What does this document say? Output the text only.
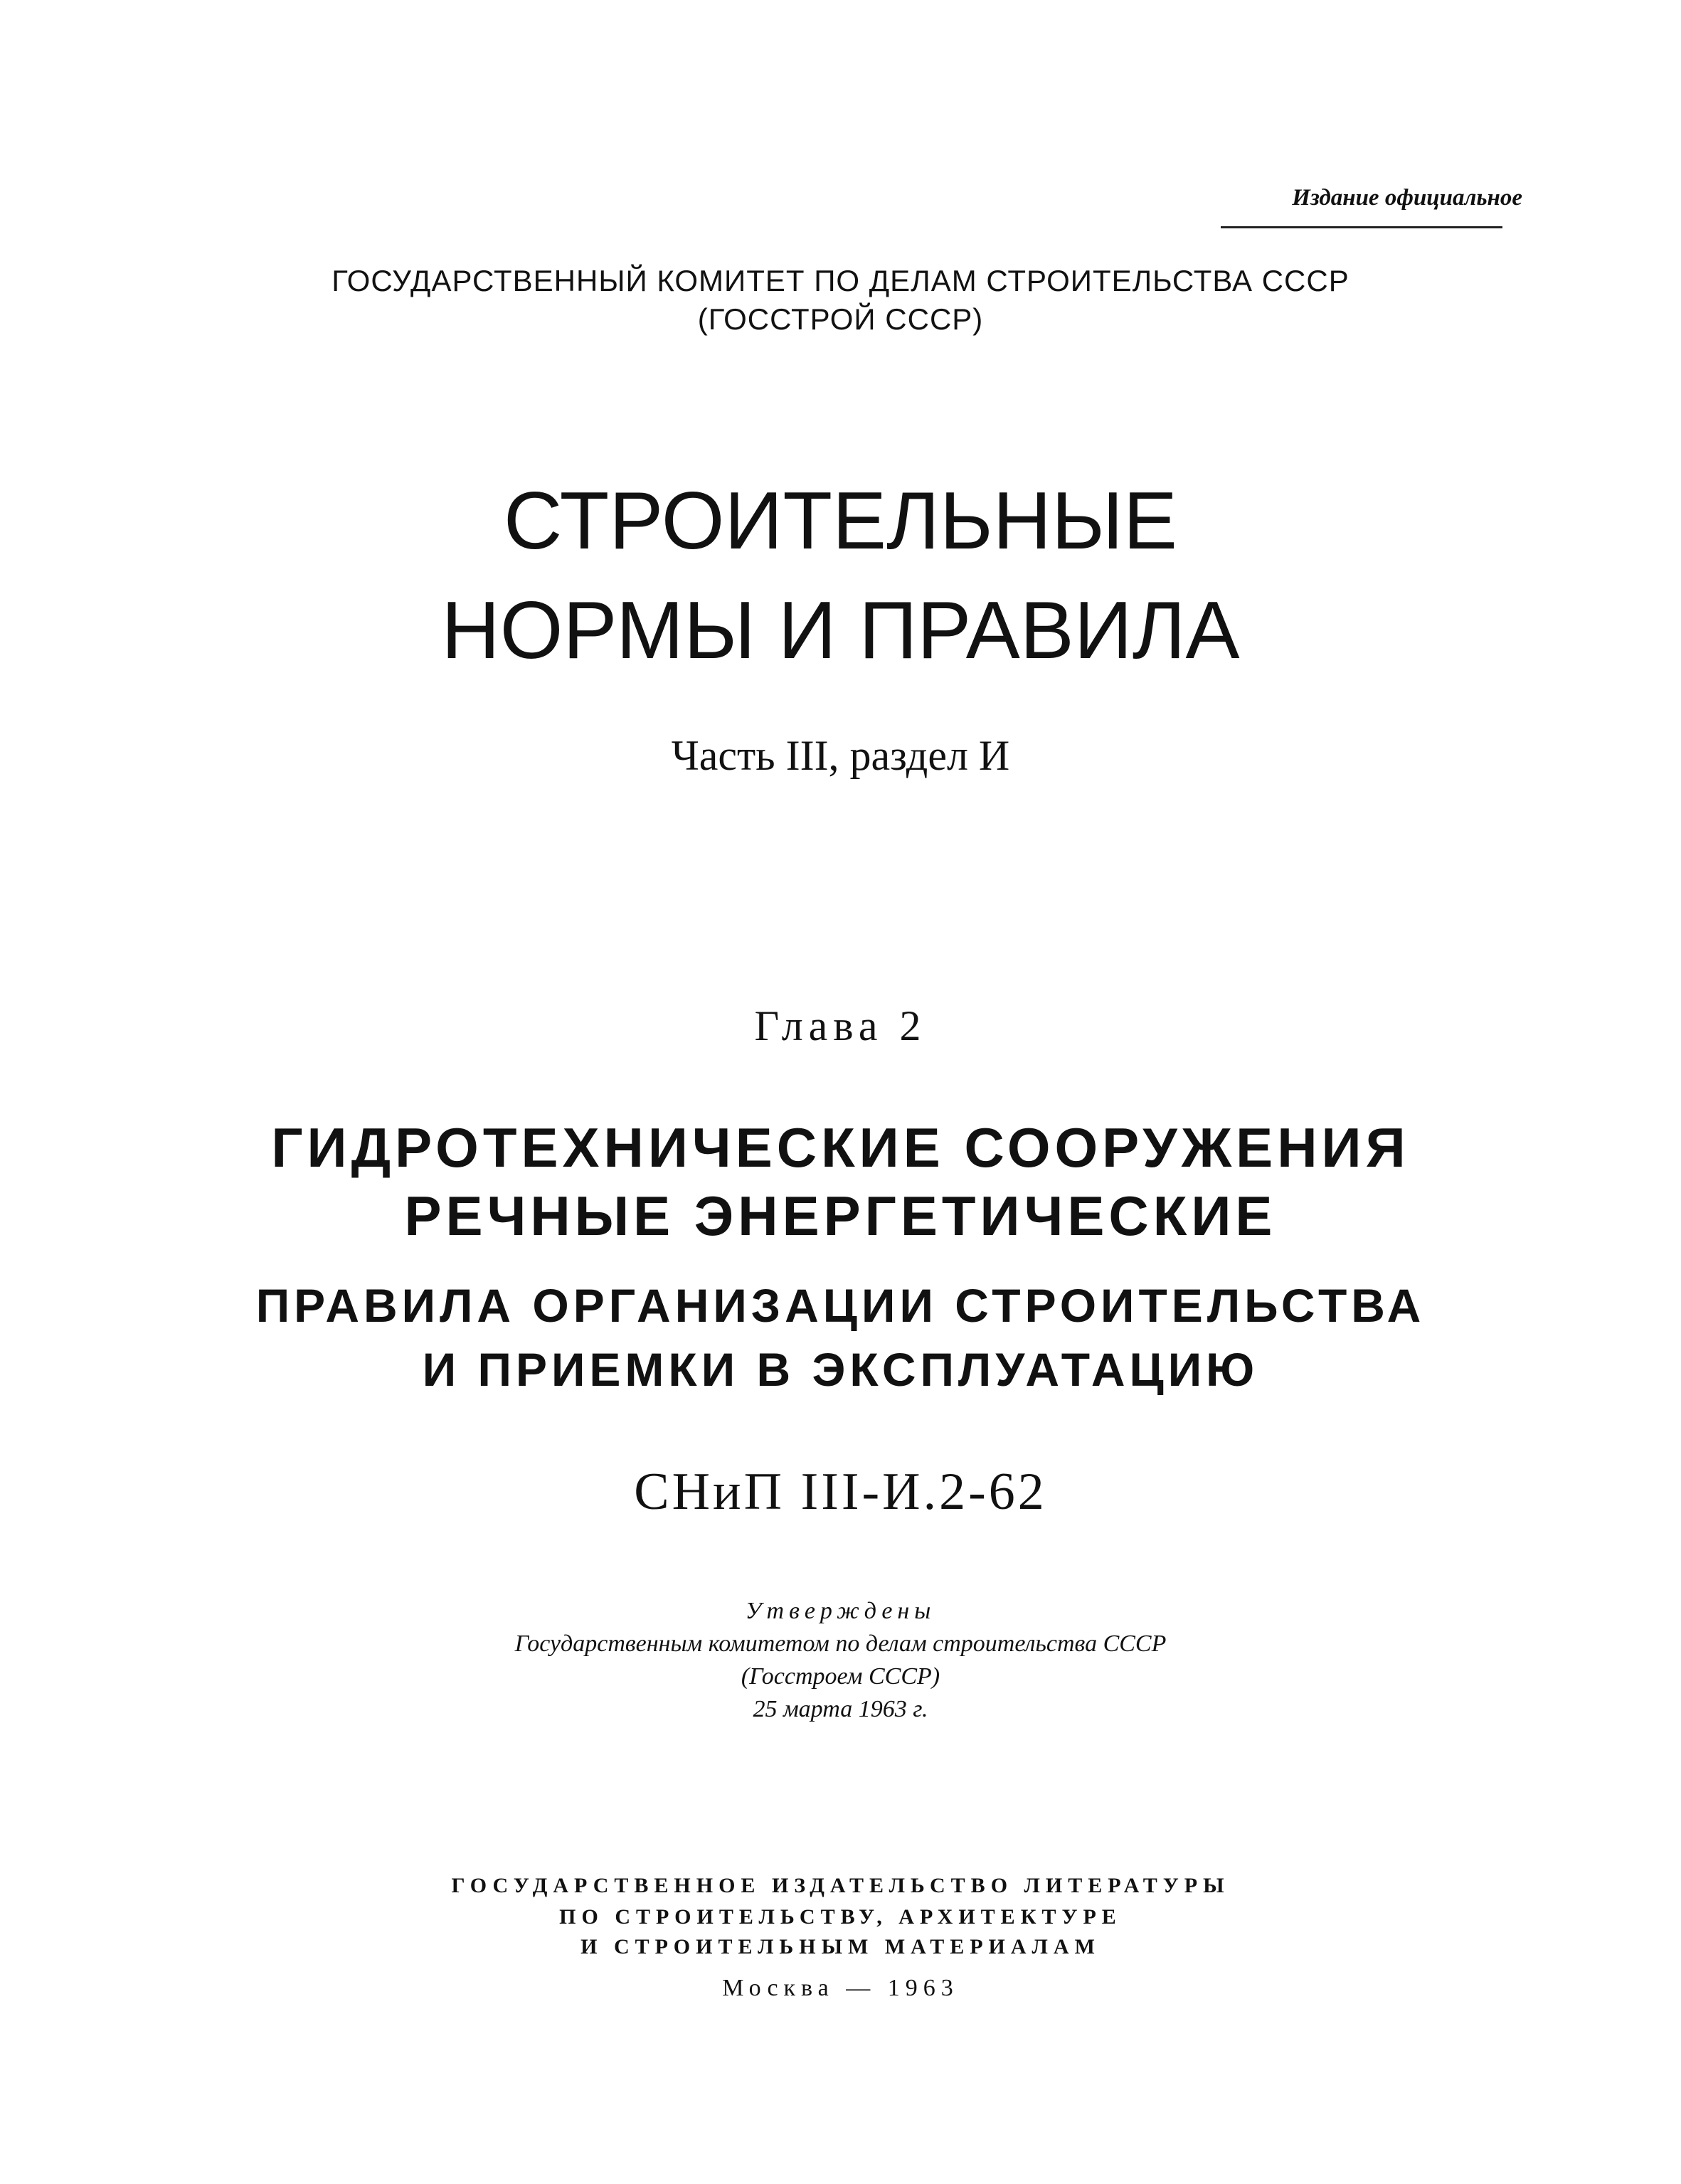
Издание официальное

ГОСУДАРСТВЕННЫЙ КОМИТЕТ ПО ДЕЛАМ СТРОИТЕЛЬСТВА СССР

(ГОССТРОЙ СССР)

СТРОИТЕЛЬНЫЕ
НОРМЫ И ПРАВИЛА

Часть III, раздел И

Глава 2

ГИДРОТЕХНИЧЕСКИЕ СООРУЖЕНИЯ
РЕЧНЫЕ ЭНЕРГЕТИЧЕСКИЕ
ПРАВИЛА ОРГАНИЗАЦИИ СТРОИТЕЛЬСТВА
И ПРИЕМКИ В ЭКСПЛУАТАЦИЮ

СНиП III-И.2-62

Утверждены

Государственным комитетом по делам строительства СССР

(Госстроем СССР)

25 марта 1963 г.

ГОСУДАРСТВЕННОЕ ИЗДАТЕЛЬСТВО ЛИТЕРАТУРЫ

ПО СТРОИТЕЛЬСТВУ, АРХИТЕКТУРЕ

И СТРОИТЕЛЬНЫМ МАТЕРИАЛАМ

Москва — 1963
